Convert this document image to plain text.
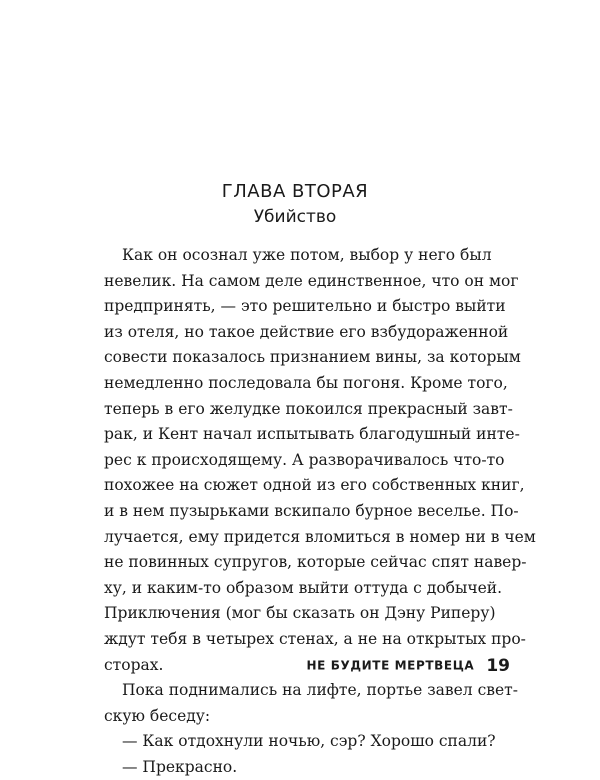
ГЛАВА ВТОРАЯ
Убийство
Как он осознал уже потом, выбор у него был
невелик. На самом деле единственное, что он мог
предпринять, — это решительно и быстро выйти
из отеля, но такое действие его взбудораженной
совести показалось признанием вины, за которым
немедленно последовала бы погоня. Кроме того,
теперь в его желудке покоился прекрасный завт-
рак, и Кент начал испытывать благодушный инте-
рес к происходящему. А разворачивалось что-то
похожее на сюжет одной из его собственных книг,
и в нем пузырьками вскипало бурное веселье. По-
лучается, ему придется вломиться в номер ни в чем
не повинных супругов, которые сейчас спят навер-
ху, и каким-то образом выйти оттуда с добычей.
Приключения (мог бы сказать он Дэну Риперу)
ждут тебя в четырех стенах, а не на открытых про-
сторах.
Пока поднимались на лифте, портье завел свет-
скую беседу:
— Как отдохнули ночью, сэр? Хорошо спали?
— Прекрасно.
НЕ БУДИТЕ МЕРТВЕЦА 19
